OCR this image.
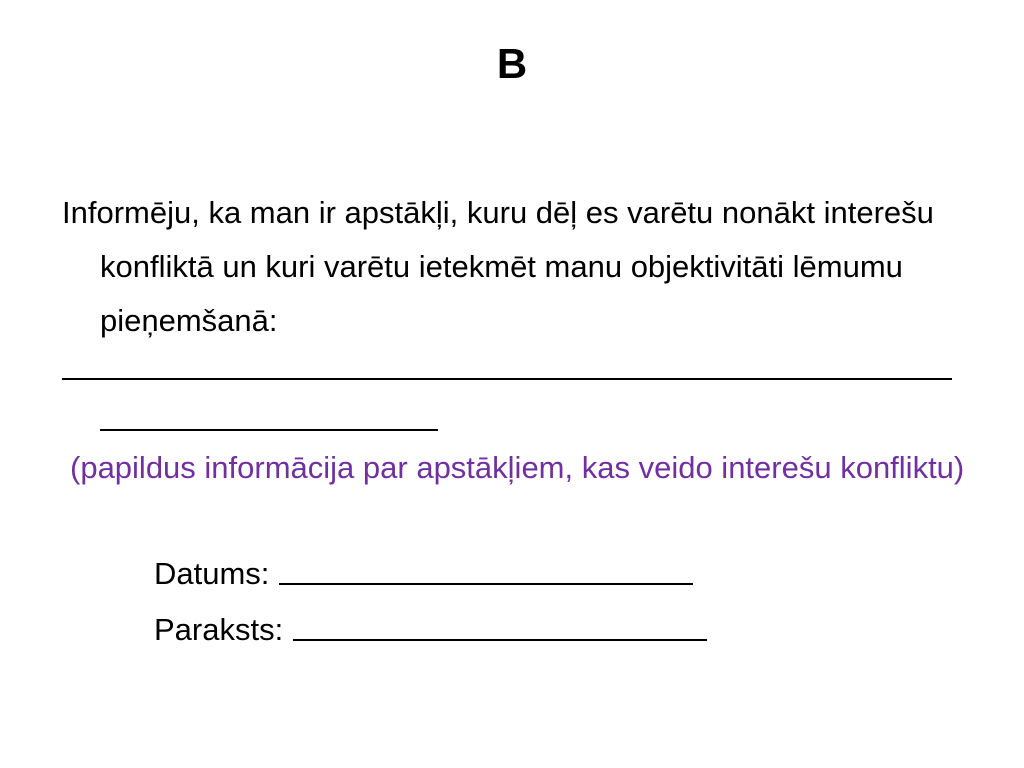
B

Informēju, ka man ir apstākļi, kuru dēļ es varētu nonākt interešu konfliktā un kuri varētu ietekmēt manu objektivitāti lēmumu pieņemšanā:

(papildus informācija par apstākļiem, kas veido interešu konfliktu)
Datums:
Paraksts:
